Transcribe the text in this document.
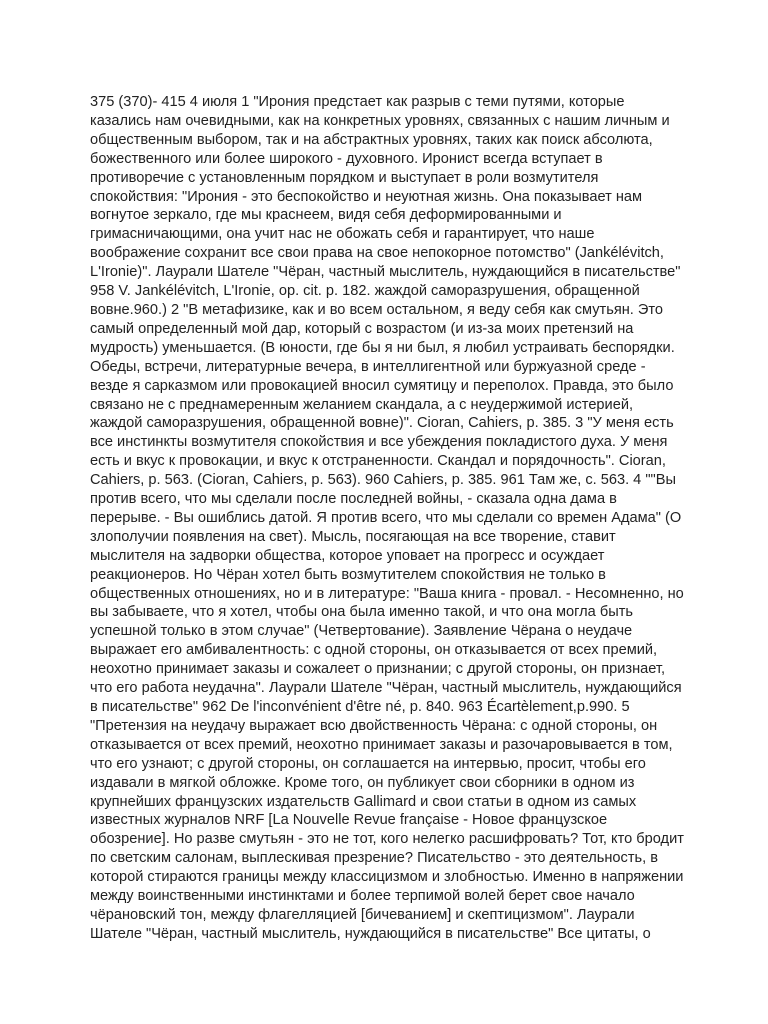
375 (370)- 415 4 июля 1 "Ирония предстает как разрыв с теми путями, которые
казались нам очевидными, как на конкретных уровнях, связанных с нашим личным и
общественным выбором, так и на абстрактных уровнях, таких как поиск абсолюта,
божественного или более широкого - духовного. Иронист всегда вступает в
противоречие с установленным порядком и выступает в роли возмутителя
спокойствия: "Ирония - это беспокойство и неуютная жизнь. Она показывает нам
вогнутое зеркало, где мы краснеем, видя себя деформированными и
гримасничающими, она учит нас не обожать себя и гарантирует, что наше
воображение сохранит все свои права на свое непокорное потомство" (Jankélévitch,
L'Ironie)". Лаурали Шателе "Чёран, частный мыслитель, нуждающийся в писательстве"
958 V. Jankélévitch, L'Ironie, op. cit. p. 182. жаждой саморазрушения, обращенной
вовне.960.) 2 "В метафизике, как и во всем остальном, я веду себя как смутьян. Это
самый определенный мой дар, который с возрастом (и из-за моих претензий на
мудрость) уменьшается. (В юности, где бы я ни был, я любил устраивать беспорядки.
Обеды, встречи, литературные вечера, в интеллигентной или буржуазной среде -
везде я сарказмом или провокацией вносил сумятицу и переполох. Правда, это было
связано не с преднамеренным желанием скандала, а с неудержимой истерией,
жаждой саморазрушения, обращенной вовне)". Cioran, Cahiers, p. 385. 3 "У меня есть
все инстинкты возмутителя спокойствия и все убеждения покладистого духа. У меня
есть и вкус к провокации, и вкус к отстраненности. Скандал и порядочность". Cioran,
Cahiers, p. 563. (Cioran, Cahiers, p. 563). 960 Cahiers, p. 385. 961 Там же, с. 563. 4 ""Вы
против всего, что мы сделали после последней войны, - сказала одна дама в
перерыве. - Вы ошиблись датой. Я против всего, что мы сделали со времен Адама" (О
злополучии появления на свет). Мысль, посягающая на все творение, ставит
мыслителя на задворки общества, которое уповает на прогресс и осуждает
реакционеров. Но Чёран хотел быть возмутителем спокойствия не только в
общественных отношениях, но и в литературе: "Ваша книга - провал. - Несомненно, но
вы забываете, что я хотел, чтобы она была именно такой, и что она могла быть
успешной только в этом случае" (Четвертование). Заявление Чёрана о неудаче
выражает его амбивалентность: с одной стороны, он отказывается от всех премий,
неохотно принимает заказы и сожалеет о признании; с другой стороны, он признает,
что его работа неудачна". Лаурали Шателе "Чёран, частный мыслитель, нуждающийся
в писательстве" 962 De l'inconvénient d'être né, p. 840. 963 Écartèlement,p.990. 5
"Претензия на неудачу выражает всю двойственность Чёрана: с одной стороны, он
отказывается от всех премий, неохотно принимает заказы и разочаровывается в том,
что его узнают; с другой стороны, он соглашается на интервью, просит, чтобы его
издавали в мягкой обложке. Кроме того, он публикует свои сборники в одном из
крупнейших французских издательств Gallimard и свои статьи в одном из самых
известных журналов NRF [La Nouvelle Revue française - Новое французское
обозрение]. Но разве смутьян - это не тот, кого нелегко расшифровать? Тот, кто бродит
по светским салонам, выплескивая презрение? Писательство - это деятельность, в
которой стираются границы между классицизмом и злобностью. Именно в напряжении
между воинственными инстинктами и более терпимой волей берет свое начало
чёрановский тон, между флагелляцией [бичеванием] и скептицизмом". Лаурали
Шателе "Чёран, частный мыслитель, нуждающийся в писательстве" Все цитаты, о
